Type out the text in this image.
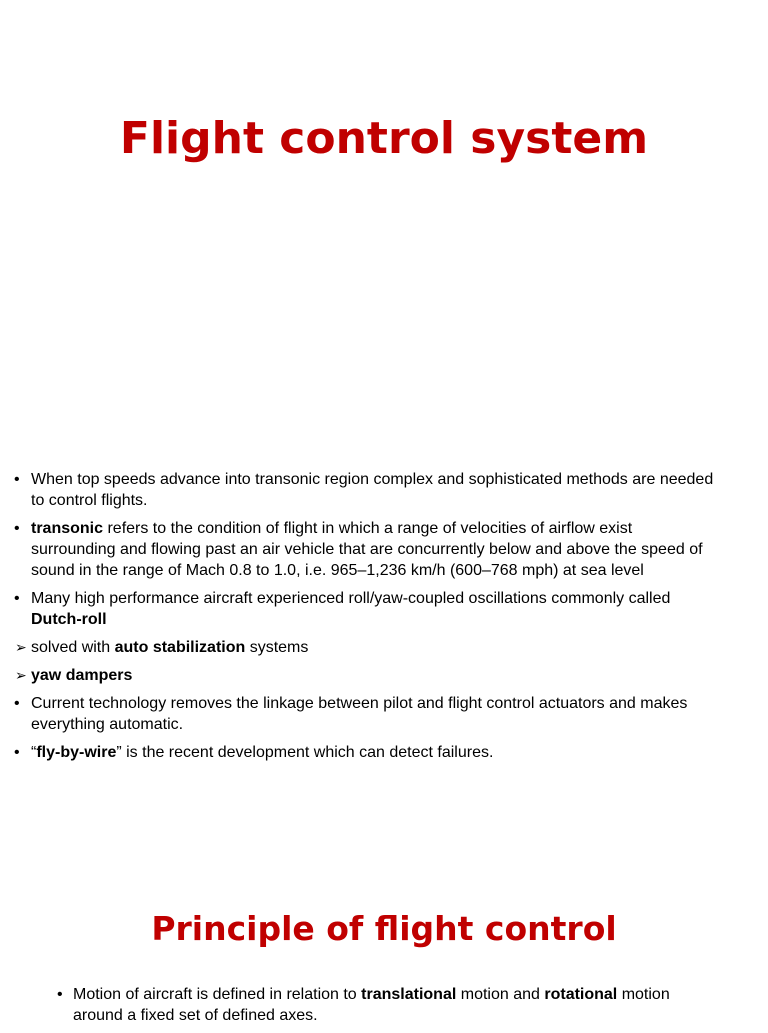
Flight control system
• When top speeds advance into transonic region complex and sophisticated methods are needed to control flights.
• transonic refers to the condition of flight in which a range of velocities of airflow exist surrounding and flowing past an air vehicle that are concurrently below and above the speed of sound in the range of Mach 0.8 to 1.0, i.e. 965–1,236 km/h (600–768 mph) at sea level
• Many high performance aircraft experienced roll/yaw-coupled oscillations commonly called Dutch-roll
➢ solved with auto stabilization systems
➢ yaw dampers
• Current technology removes the linkage between pilot and flight control actuators and makes everything automatic.
• “fly-by-wire” is the recent development which can detect failures.
Principle of flight control
• Motion of aircraft is defined in relation to translational motion and rotational motion around a fixed set of defined axes.
